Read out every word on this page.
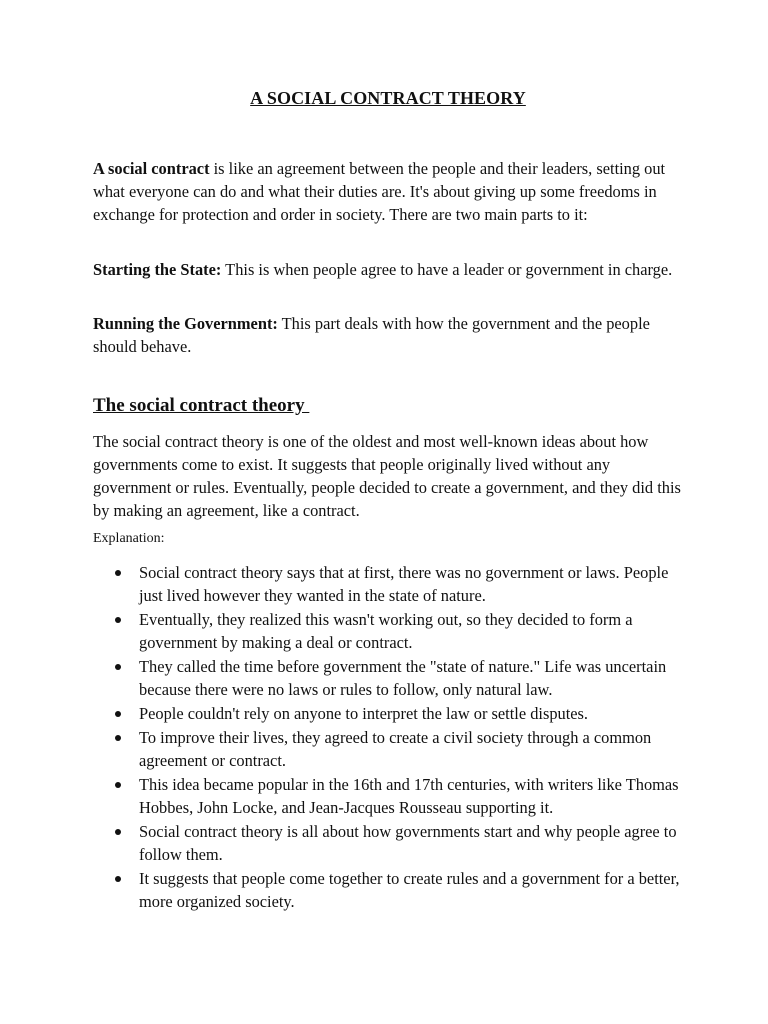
A SOCIAL CONTRACT THEORY

A social contract is like an agreement between the people and their leaders, setting out what everyone can do and what their duties are. It's about giving up some freedoms in exchange for protection and order in society. There are two main parts to it:

Starting the State: This is when people agree to have a leader or government in charge.

Running the Government: This part deals with how the government and the people should behave.

The social contract theory

The social contract theory is one of the oldest and most well-known ideas about how governments come to exist. It suggests that people originally lived without any government or rules. Eventually, people decided to create a government, and they did this by making an agreement, like a contract.

Explanation:

Social contract theory says that at first, there was no government or laws. People just lived however they wanted in the state of nature.
Eventually, they realized this wasn't working out, so they decided to form a government by making a deal or contract.
They called the time before government the "state of nature." Life was uncertain because there were no laws or rules to follow, only natural law.
People couldn't rely on anyone to interpret the law or settle disputes.
To improve their lives, they agreed to create a civil society through a common agreement or contract.
This idea became popular in the 16th and 17th centuries, with writers like Thomas Hobbes, John Locke, and Jean-Jacques Rousseau supporting it.
Social contract theory is all about how governments start and why people agree to follow them.
It suggests that people come together to create rules and a government for a better, more organized society.
